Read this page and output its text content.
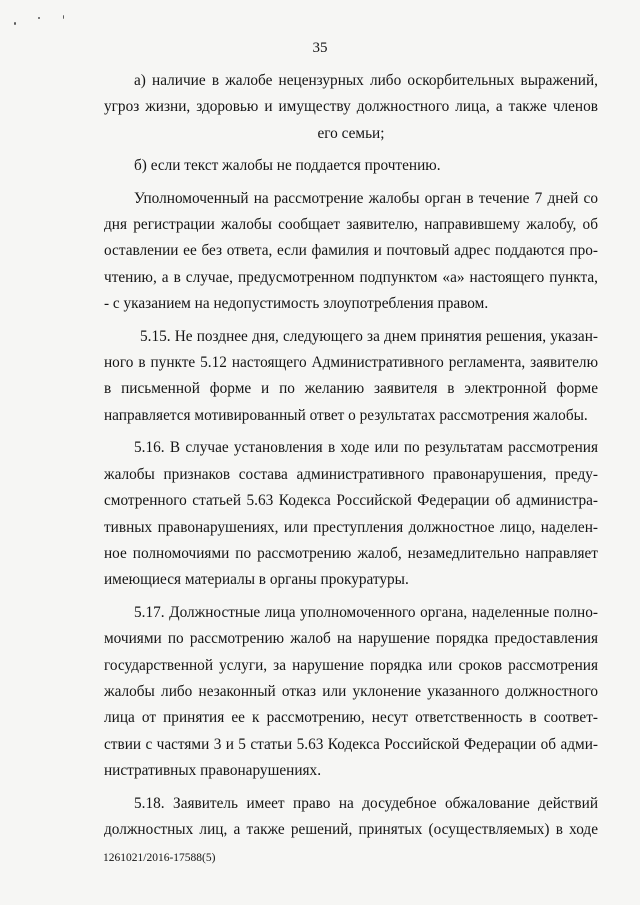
35
а) наличие в жалобе нецензурных либо оскорбительных выражений,
угроз жизни, здоровью и имуществу должностного лица, а также членов
его семьи;
б) если текст жалобы не поддается прочтению.
Уполномоченный на рассмотрение жалобы орган в течение 7 дней со
дня регистрации жалобы сообщает заявителю, направившему жалобу, об
оставлении ее без ответа, если фамилия и почтовый адрес поддаются про-
чтению, а в случае, предусмотренном подпунктом «а» настоящего пункта,
- с указанием на недопустимость злоупотребления правом.
5.15. Не позднее дня, следующего за днем принятия решения, указан-
ного в пункте 5.12 настоящего Административного регламента, заявителю
в письменной форме и по желанию заявителя в электронной форме
направляется мотивированный ответ о результатах рассмотрения жалобы.
5.16. В случае установления в ходе или по результатам рассмотрения
жалобы признаков состава административного правонарушения, преду-
смотренного статьей 5.63 Кодекса Российской Федерации об администра-
тивных правонарушениях, или преступления должностное лицо, наделен-
ное полномочиями по рассмотрению жалоб, незамедлительно направляет
имеющиеся материалы в органы прокуратуры.
5.17. Должностные лица уполномоченного органа, наделенные полно-
мочиями по рассмотрению жалоб на нарушение порядка предоставления
государственной услуги, за нарушение порядка или сроков рассмотрения
жалобы либо незаконный отказ или уклонение указанного должностного
лица от принятия ее к рассмотрению, несут ответственность в соответ-
ствии с частями 3 и 5 статьи 5.63 Кодекса Российской Федерации об адми-
нистративных правонарушениях.
5.18. Заявитель имеет право на досудебное обжалование действий
должностных лиц, а также решений, принятых (осуществляемых) в ходе
1261021/2016-17588(5)
